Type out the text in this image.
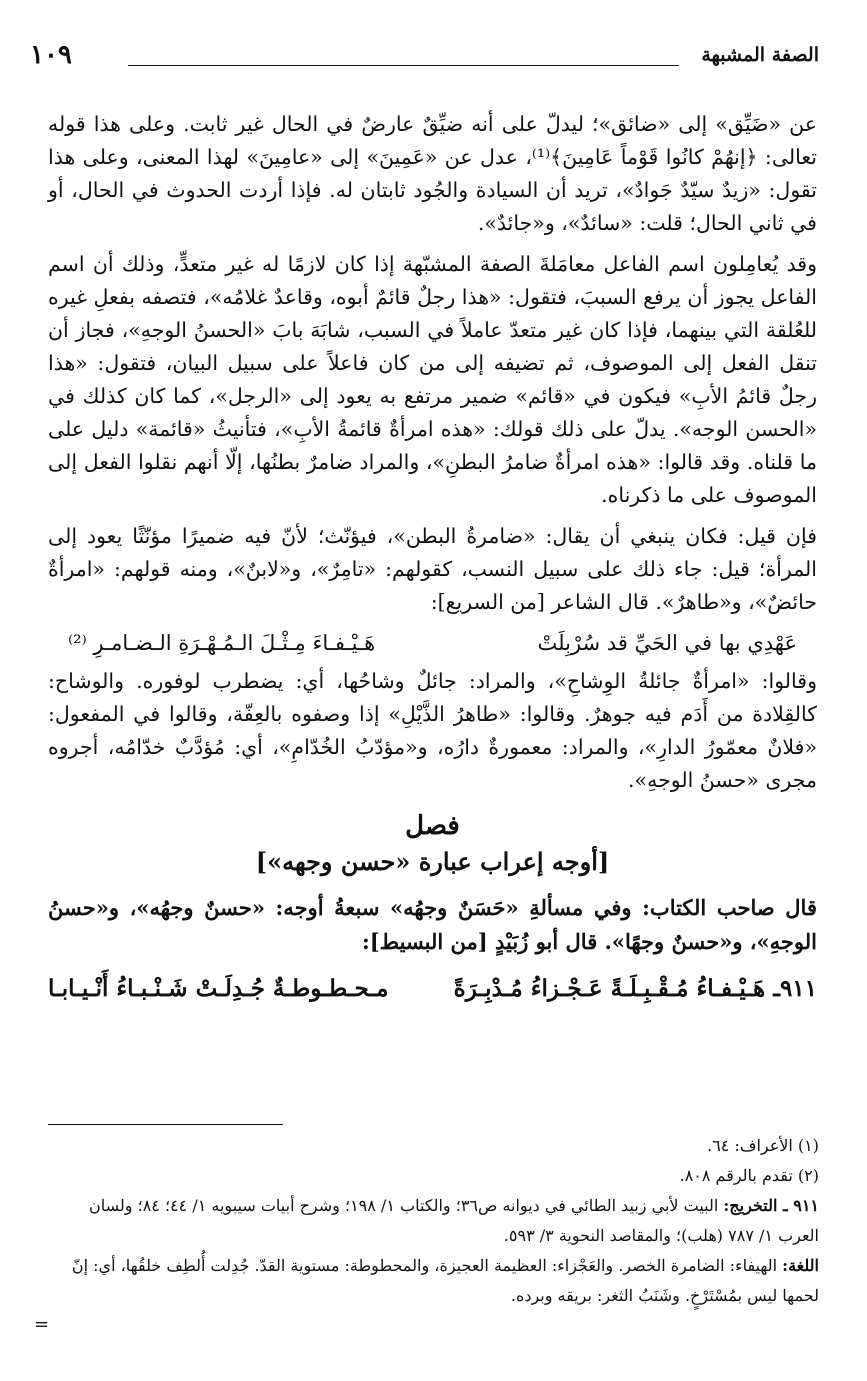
الصفة المشبهة
١٠٩

عن «ضَيِّق» إلى «ضائق»؛ ليدلّ على أنه ضيِّقٌ عارضٌ في الحال غير ثابت. وعلى هذا قوله تعالى: ﴿إنهُمْ كانُوا قَوْماً عَامِينَ﴾⁽¹⁾، عدل عن «عَمِينَ» إلى «عامِينَ» لهذا المعنى، وعلى هذا تقول: «زيدٌ سيّدٌ جَوادٌ»، تريد أن السيادة والجُود ثابتان له. فإذا أردت الحدوث في الحال، أو في ثاني الحال؛ قلت: «سائدٌ»، و«جائدٌ».

وقد يُعامِلون اسم الفاعل معامَلةَ الصفة المشبّهة إذا كان لازمًا له غير متعدٍّ، وذلك أن اسم الفاعل يجوز أن يرفع السببَ، فتقول: «هذا رجلٌ قائمٌ أبوه، وقاعدٌ غلامُه»، فتصفه بفعلِ غيره للعُلقة التي بينهما، فإذا كان غير متعدّ عاملاً في السبب، شابَهَ بابَ «الحسنُ الوجهِ»، فجاز أن تنقل الفعل إلى الموصوف، ثم تضيفه إلى من كان فاعلاً على سبيل البيان، فتقول: «هذا رجلٌ قائمُ الأبِ» فيكون في «قائم» ضمير مرتفع به يعود إلى «الرجل»، كما كان كذلك في «الحسن الوجه». يدلّ على ذلك قولك: «هذه امرأةٌ قائمةُ الأبِ»، فتأنيثُ «قائمة» دليل على ما قلناه. وقد قالوا: «هذه امرأةٌ ضامرُ البطنِ»، والمراد ضامرٌ بطنُها، إلّا أنهم نقلوا الفعل إلى الموصوف على ما ذكرناه.

فإن قيل: فكان ينبغي أن يقال: «ضامرةُ البطن»، فيؤنّث؛ لأنّ فيه ضميرًا مؤنّثًا يعود إلى المرأة؛ قيل: جاء ذلك على سبيل النسب، كقولهم: «تامِرٌ»، و«لابنٌ»، ومنه قولهم: «امرأةٌ حائضٌ»، و«طاهرٌ». قال الشاعر [من السريع]:

عَهْدِي بها في الحَيِّ قد سُرْبِلَتْ
هَـيْـفـاءَ مِـثْـلَ الـمُـهْـرَةِ الـضـامـرِ ⁽²⁾

وقالوا: «امرأةٌ جائلةُ الوِشاحِ»، والمراد: جائلٌ وشاحُها، أي: يضطرب لوفوره. والوشاح: كالقِلادة من أَدَم فيه جوهرٌ. وقالوا: «طاهرُ الذَّيْلِ» إذا وصفوه بالعِفّة، وقالوا في المفعول: «فلانٌ معمّورُ الدارِ»، والمراد: معمورةٌ دارُه، و«مؤدّبُ الخُدّامِ»، أي: مُؤدَّبٌ خدّامُه، أجروه مجرى «حسنُ الوجهِ».

فصل
[أوجه إعراب عبارة «حسن وجهه»]

قال صاحب الكتاب: وفي مسألةِ «حَسَنٌ وجهُه» سبعةُ أوجه: «حسنٌ وجهُه»، و«حسنُ الوجهِ»، و«حسنٌ وجهًا». قال أبو زُبَيْدٍ [من البسيط]:

٩١١ـ هَـيْـفـاءُ مُـقْـبِـلَـةً عَـجْـزاءُ مُـدْبِـرَةً
مـحـطـوطـةٌ جُـدِلَـتْ شَـنْـبـاءُ أَنْـيـابـا

(١) الأعراف: ٦٤.

(٢) تقدم بالرقم ٨٠٨.

٩١١ ـ التخريج: البيت لأبي زبيد الطائي في ديوانه ص٣٦؛ والكتاب ١/ ١٩٨؛ وشرح أبيات سيبويه ١/ ٤٤؛ ٨٤؛ ولسان العرب ١/ ٧٨٧ (هلب)؛ والمقاصد النحوية ٣/ ٥٩٣.

اللغة: الهيفاء: الضامرة الخصر. والعَجْزاء: العظيمة العجيزة، والمحطوطة: مستوية القدّ. جُدِلت أُلطِف خلقُها، أي: إنّ لحمها ليس بمُسْتَرْخٍ. وشَنَبُ الثغر: بريقه وبرده.

=
